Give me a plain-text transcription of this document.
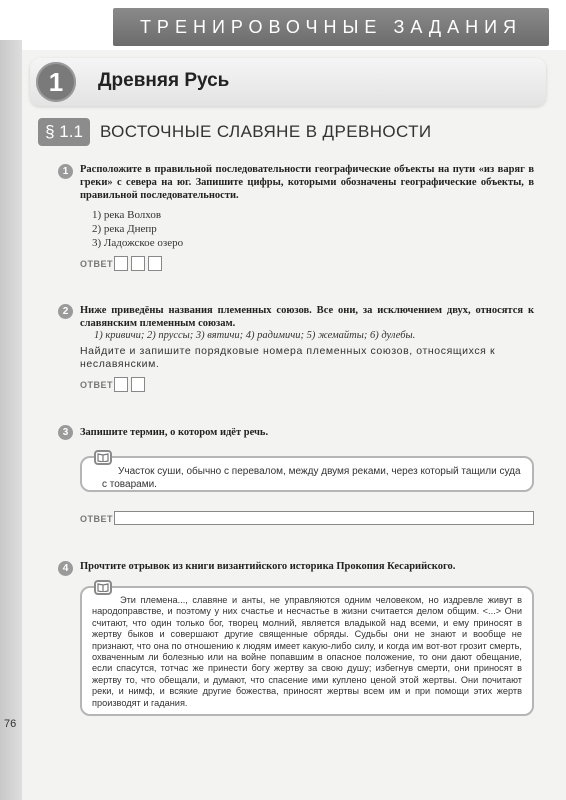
ТРЕНИРОВОЧНЫЕ ЗАДАНИЯ
1	Древняя Русь
§ 1.1	ВОСТОЧНЫЕ СЛАВЯНЕ В ДРЕВНОСТИ
1	Расположите в правильной последовательности географические объекты на пути «из варяг в греки» с севера на юг. Запишите цифры, которыми обозначены географические объекты, в правильной последовательности.
1) река Волхов
2) река Днепр
3) Ладожское озеро
ОТВЕТ
2	Ниже приведёны названия племенных союзов. Все они, за исключением двух, относятся к славянским племенным союзам.
1) кривичи; 2) пруссы; 3) вятичи; 4) радимичи; 5) жемайты; 6) дулебы.
Найдите и запишите порядковые номера племенных союзов, относящихся к неславянским.
ОТВЕТ
3	Запишите термин, о котором идёт речь.
Участок суши, обычно с перевалом, между двумя реками, через который тащили суда с товарами.
ОТВЕТ
4	Прочтите отрывок из книги византийского историка Прокопия Кесарийского.
Эти племена..., славяне и анты, не управляются одним человеком, но издревле живут в народоправстве, и поэтому у них счастье и несчастье в жизни считается делом общим. <...> Они считают, что один только бог, творец молний, является владыкой над всеми, и ему приносят в жертву быков и совершают другие священные обряды. Судьбы они не знают и вообще не признают, что она по отношению к людям имеет какую-либо силу, и когда им вот-вот грозит смерть, охваченным ли болезнью или на войне попавшим в опасное положение, то они дают обещание, если спасутся, тотчас же принести богу жертву за свою душу; избегнув смерти, они приносят в жертву то, что обещали, и думают, что спасение ими куплено ценой этой жертвы. Они почитают реки, и нимф, и всякие другие божества, приносят жертвы всем им и при помощи этих жертв производят и гадания.
76
